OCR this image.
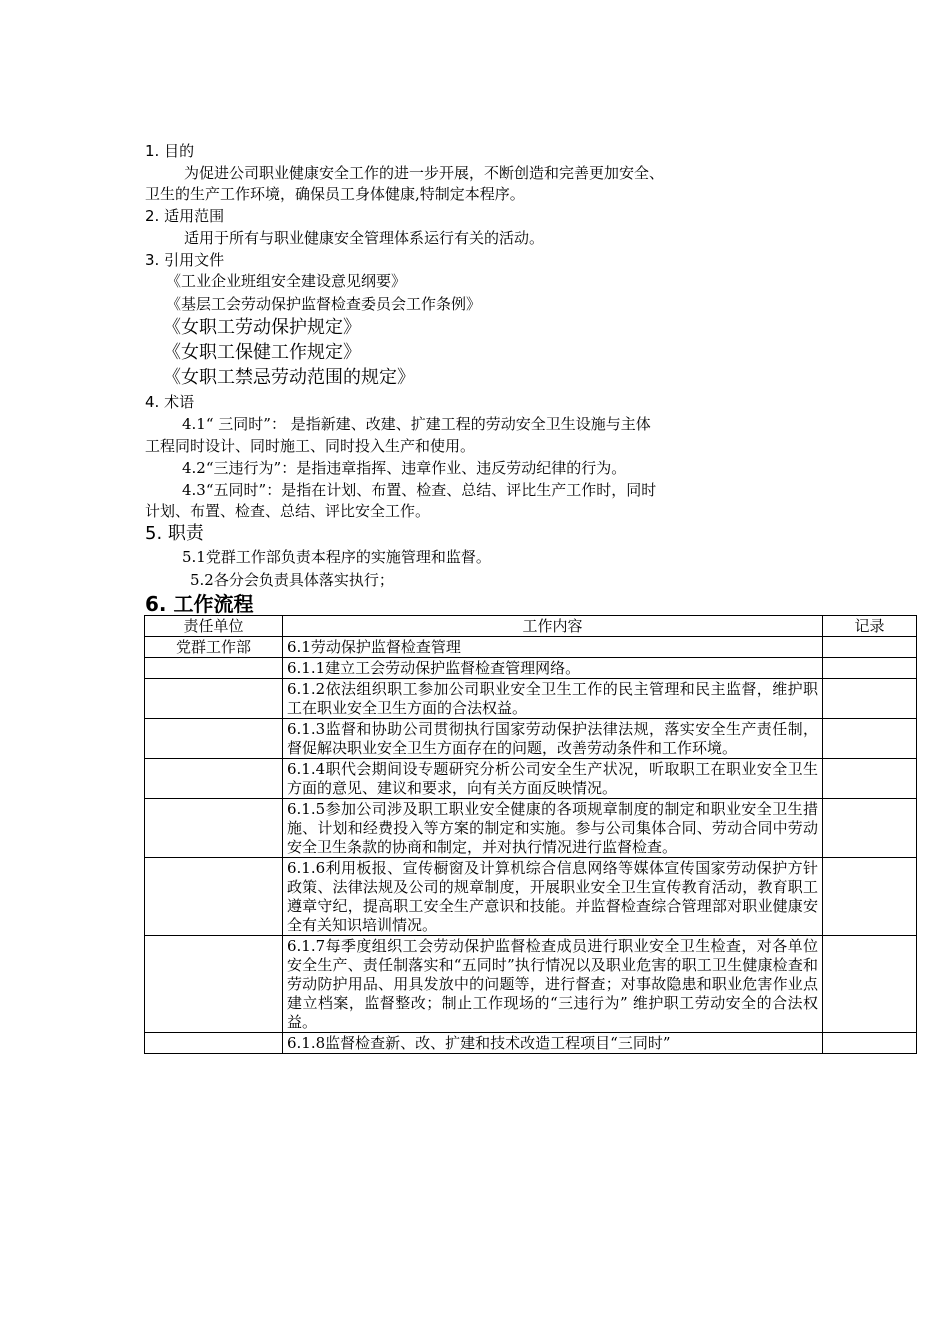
1. 目的
为促进公司职业健康安全工作的进一步开展，不断创造和完善更加安全、
卫生的生产工作环境，确保员工身体健康,特制定本程序。
2. 适用范围
适用于所有与职业健康安全管理体系运行有关的活动。
3. 引用文件
《工业企业班组安全建设意见纲要》
《基层工会劳动保护监督检查委员会工作条例》
《女职工劳动保护规定》
《女职工保健工作规定》
《女职工禁忌劳动范围的规定》
4. 术语
4.1“ 三同时”： 是指新建、改建、扩建工程的劳动安全卫生设施与主体
工程同时设计、同时施工、同时投入生产和使用。
4.2“三违行为”：是指违章指挥、违章作业、违反劳动纪律的行为。
4.3“五同时”：是指在计划、布置、检查、总结、评比生产工作时，同时
计划、布置、检查、总结、评比安全工作。
5. 职责
5.1党群工作部负责本程序的实施管理和监督。
5.2各分会负责具体落实执行；
6. 工作流程
责任单位	工作内容	记录
党群工作部	6.1劳动保护监督检查管理	
	6.1.1建立工会劳动保护监督检查管理网络。	
	6.1.2依法组织职工参加公司职业安全卫生工作的民主管理和民主监督，维护职工在职业安全卫生方面的合法权益。	
	6.1.3监督和协助公司贯彻执行国家劳动保护法律法规，落实安全生产责任制，督促解决职业安全卫生方面存在的问题，改善劳动条件和工作环境。	
	6.1.4职代会期间设专题研究分析公司安全生产状况，听取职工在职业安全卫生方面的意见、建议和要求，向有关方面反映情况。	
	6.1.5参加公司涉及职工职业安全健康的各项规章制度的制定和职业安全卫生措施、计划和经费投入等方案的制定和实施。参与公司集体合同、劳动合同中劳动安全卫生条款的协商和制定，并对执行情况进行监督检查。	
	6.1.6利用板报、宣传橱窗及计算机综合信息网络等媒体宣传国家劳动保护方针政策、法律法规及公司的规章制度，开展职业安全卫生宣传教育活动，教育职工遵章守纪，提高职工安全生产意识和技能。并监督检查综合管理部对职业健康安全有关知识培训情况。	
	6.1.7每季度组织工会劳动保护监督检查成员进行职业安全卫生检查，对各单位安全生产、责任制落实和“五同时”执行情况以及职业危害的职工卫生健康检查和劳动防护用品、用具发放中的问题等，进行督查；对事故隐患和职业危害作业点建立档案，监督整改；制止工作现场的“三违行为” 维护职工劳动安全的合法权益。	
	6.1.8监督检查新、改、扩建和技术改造工程项目“三同时”	
